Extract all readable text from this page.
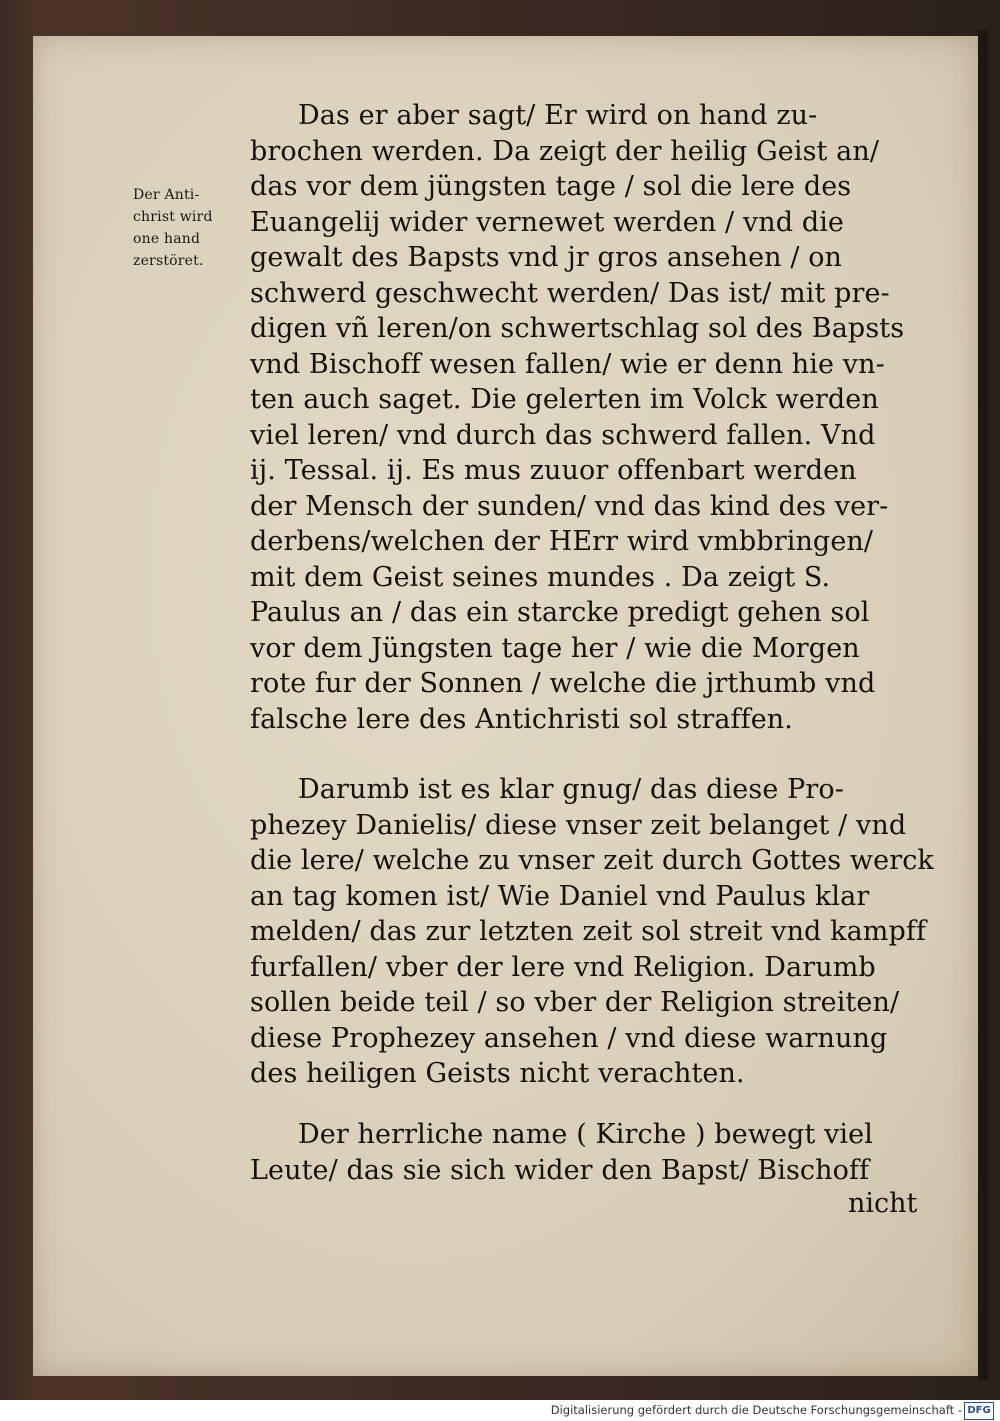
Der Anti-
christ wird
one hand
zerstöret.
Das er aber sagt/ Er wird on hand zu-
brochen werden. Da zeigt der heilig Geist an/
das vor dem jüngsten tage / sol die lere des
Euangelij wider vernewet werden / vnd die
gewalt des Bapsts vnd jr gros ansehen / on
schwerd geschwecht werden/ Das ist/ mit pre-
digen vñ leren/on schwertschlag sol des Bapsts
vnd Bischoff wesen fallen/ wie er denn hie vn-
ten auch saget. Die gelerten im Volck werden
viel leren/ vnd durch das schwerd fallen. Vnd
ij. Tessal. ij. Es mus zuuor offenbart werden
der Mensch der sunden/ vnd das kind des ver-
derbens/welchen der HErr wird vmbbringen/
mit dem Geist seines mundes . Da zeigt S.
Paulus an / das ein starcke predigt gehen sol
vor dem Jüngsten tage her / wie die Morgen
rote fur der Sonnen / welche die jrthumb vnd
falsche lere des Antichristi sol straffen.
Darumb ist es klar gnug/ das diese Pro-
phezey Danielis/ diese vnser zeit belanget / vnd
die lere/ welche zu vnser zeit durch Gottes werck
an tag komen ist/ Wie Daniel vnd Paulus klar
melden/ das zur letzten zeit sol streit vnd kampff
furfallen/ vber der lere vnd Religion. Darumb
sollen beide teil / so vber der Religion streiten/
diese Prophezey ansehen / vnd diese warnung
des heiligen Geists nicht verachten.
Der herrliche name ( Kirche ) bewegt viel
Leute/ das sie sich wider den Bapst/ Bischoff
nicht
Digitalisierung gefördert durch die Deutsche Forschungsgemeinschaft - DFG
